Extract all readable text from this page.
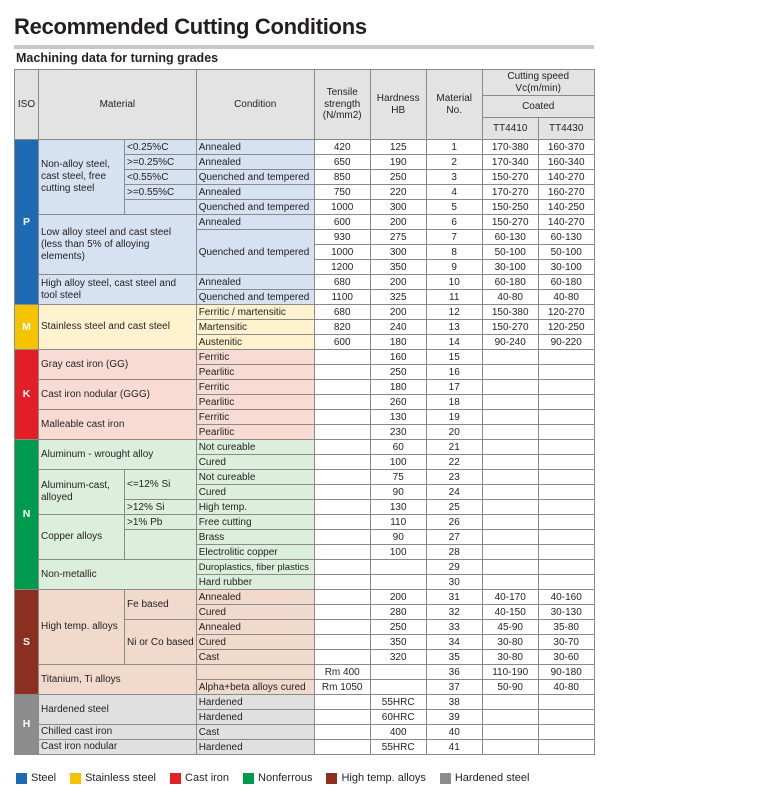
Recommended Cutting Conditions
Machining data for turning grades
ISO	Material		Condition	Tensile strength (N/mm2)	Hardness HB	Material No.	Cutting speed Vc(m/min)	
							Coated	
							TT4410	TT4430
P	Non-alloy steel, cast steel, free cutting steel	<0.25%C	Annealed	420	125	1	170-380	160-370
		>=0.25%C	Annealed	650	190	2	170-340	160-340
		<0.55%C	Quenched and tempered	850	250	3	150-270	140-270
		>=0.55%C	Annealed	750	220	4	170-270	160-270
			Quenched and tempered	1000	300	5	150-250	140-250
	Low alloy steel and cast steel (less than 5% of alloying elements)		Annealed	600	200	6	150-270	140-270
			Quenched and tempered	930	275	7	60-130	60-130
				1000	300	8	50-100	50-100
				1200	350	9	30-100	30-100
	High alloy steel, cast steel and tool steel		Annealed	680	200	10	60-180	60-180
			Quenched and tempered	1100	325	11	40-80	40-80
M	Stainless steel and cast steel		Ferritic / martensitic	680	200	12	150-380	120-270
			Martensitic	820	240	13	150-270	120-250
			Austenitic	600	180	14	90-240	90-220
K	Gray cast iron (GG)		Ferritic		160	15		
			Pearlitic		250	16		
	Cast iron nodular (GGG)		Ferritic		180	17		
			Pearlitic		260	18		
	Malleable cast iron		Ferritic		130	19		
			Pearlitic		230	20		
N	Aluminum - wrought alloy		Not cureable		60	21		
			Cured		100	22		
	Aluminum-cast, alloyed	<=12% Si	Not cureable		75	23		
			Cured		90	24		
		>12% Si	High temp.		130	25		
	Copper alloys	>1% Pb	Free cutting		110	26		
			Brass		90	27		
			Electrolitic copper		100	28		
	Non-metallic		Duroplastics, fiber plastics			29		
			Hard rubber			30		
S	High temp. alloys	Fe based	Annealed		200	31	40-170	40-160
			Cured		280	32	40-150	30-130
		Ni or Co based	Annealed		250	33	45-90	35-80
			Cured		350	34	30-80	30-70
			Cast		320	35	30-80	30-60
	Titanium, Ti alloys			Rm 400		36	110-190	90-180
			Alpha+beta alloys cured	Rm 1050		37	50-90	40-80
H	Hardened steel		Hardened		55HRC	38		
			Hardened		60HRC	39		
	Chilled cast iron		Cast		400	40		
	Cast iron nodular		Hardened		55HRC	41		
Steel	Stainless steel	Cast iron	Nonferrous	High temp. alloys	Hardened steel
